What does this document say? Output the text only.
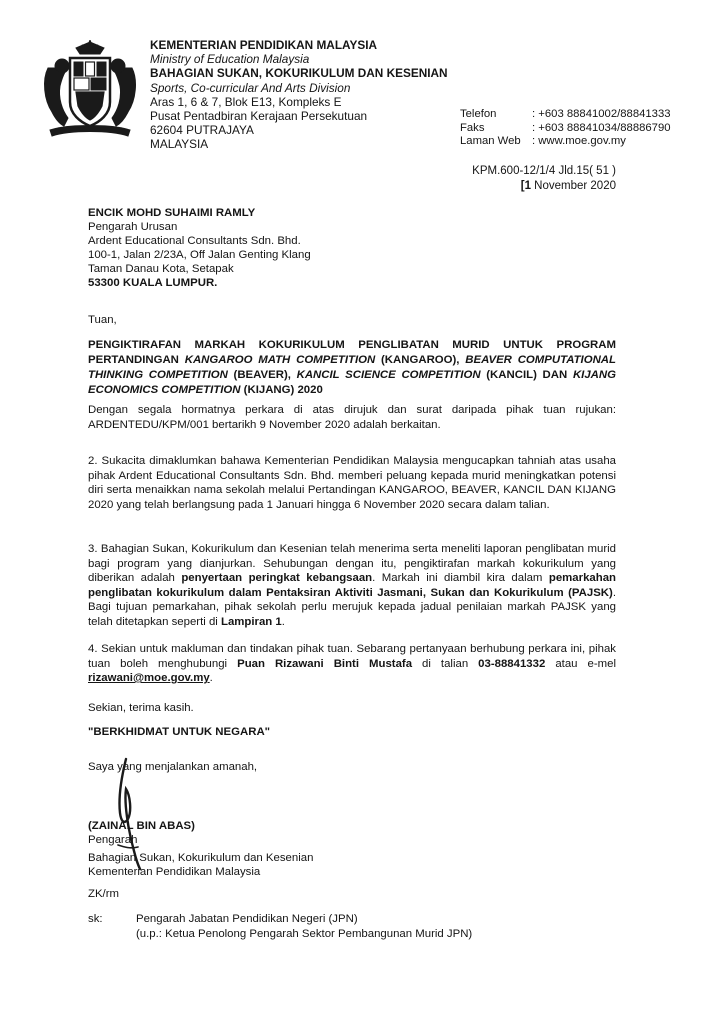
KEMENTERIAN PENDIDIKAN MALAYSIA
Ministry of Education Malaysia
BAHAGIAN SUKAN, KOKURIKULUM DAN KESENIAN
Sports, Co-curricular And Arts Division
Aras 1, 6 & 7, Blok E13, Kompleks E
Pusat Pentadbiran Kerajaan Persekutuan
62604 PUTRAJAYA
MALAYSIA
Telefon	: +603 88841002/88841333
Faks	: +603 88841034/88886790
Laman Web : www.moe.gov.my
KPM.600-12/1/4 Jld.15( 51 )
[1 November 2020
ENCIK MOHD SUHAIMI RAMLY
Pengarah Urusan
Ardent Educational Consultants Sdn. Bhd.
100-1, Jalan 2/23A, Off Jalan Genting Klang
Taman Danau Kota, Setapak
53300 KUALA LUMPUR.
Tuan,
PENGIKTIRAFAN MARKAH KOKURIKULUM PENGLIBATAN MURID UNTUK PROGRAM PERTANDINGAN KANGAROO MATH COMPETITION (KANGAROO), BEAVER COMPUTATIONAL THINKING COMPETITION (BEAVER), KANCIL SCIENCE COMPETITION (KANCIL) DAN KIJANG ECONOMICS COMPETITION (KIJANG) 2020

Dengan segala hormatnya perkara di atas dirujuk dan surat daripada pihak tuan rujukan: ARDENTEDU/KPM/001 bertarikh 9 November 2020 adalah berkaitan.

2. Sukacita dimaklumkan bahawa Kementerian Pendidikan Malaysia mengucapkan tahniah atas usaha pihak Ardent Educational Consultants Sdn. Bhd. memberi peluang kepada murid meningkatkan potensi diri serta menaikkan nama sekolah melalui Pertandingan KANGAROO, BEAVER, KANCIL DAN KIJANG 2020 yang telah berlangsung pada 1 Januari hingga 6 November 2020 secara dalam talian.

3. Bahagian Sukan, Kokurikulum dan Kesenian telah menerima serta meneliti laporan penglibatan murid bagi program yang dianjurkan. Sehubungan dengan itu, pengiktirafan markah kokurikulum yang diberikan adalah penyertaan peringkat kebangsaan. Markah ini diambil kira dalam pemarkahan penglibatan kokurikulum dalam Pentaksiran Aktiviti Jasmani, Sukan dan Kokurikulum (PAJSK). Bagi tujuan pemarkahan, pihak sekolah perlu merujuk kepada jadual penilaian markah PAJSK yang telah ditetapkan seperti di Lampiran 1.

4. Sekian untuk makluman dan tindakan pihak tuan. Sebarang pertanyaan berhubung perkara ini, pihak tuan boleh menghubungi Puan Rizawani Binti Mustafa di talian 03-88841332 atau e-mel rizawani@moe.gov.my.

Sekian, terima kasih.
"BERKHIDMAT UNTUK NEGARA"
Saya yang menjalankan amanah,
(ZAINAL BIN ABAS)
Pengarah
Bahagian Sukan, Kokurikulum dan Kesenian
Kementerian Pendidikan Malaysia
ZK/rm
sk:	Pengarah Jabatan Pendidikan Negeri (JPN)
(u.p.: Ketua Penolong Pengarah Sektor Pembangunan Murid JPN)
